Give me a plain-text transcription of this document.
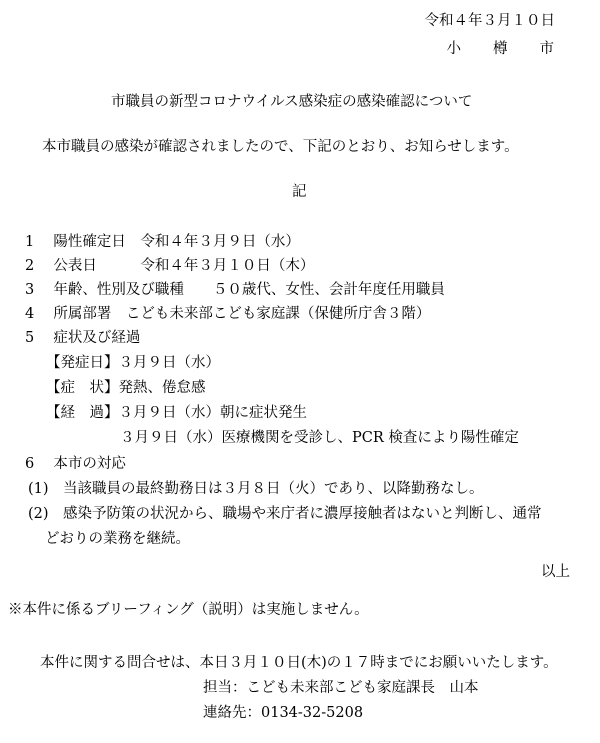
令和４年３月１０日
小　　樽　　市
市職員の新型コロナウイルス感染症の感染確認について
本市職員の感染が確認されましたので、下記のとおり、お知らせします。
記
1　 陽性確定日　令和４年３月９日（水）
2　 公表日　　　令和４年３月１０日（木）
3　 年齢、性別及び職種　　５０歳代、女性、会計年度任用職員
4　 所属部署　こども未来部こども家庭課（保健所庁舎３階）
5　 症状及び経過
【発症日】３月９日（水）
【症　状】発熱、倦怠感
【経　過】３月９日（水）朝に症状発生
３月９日（水）医療機関を受診し、PCR 検査により陽性確定
6　 本市の対応
(1)　当該職員の最終勤務日は３月８日（火）であり、以降勤務なし。
(2)　感染予防策の状況から、職場や来庁者に濃厚接触者はないと判断し、通常
どおりの業務を継続。
以上
※本件に係るブリーフィング（説明）は実施しません。
本件に関する問合せは、本日３月１０日(木)の１７時までにお願いいたします。
担当：こども未来部こども家庭課長　山本
連絡先：0134-32-5208
